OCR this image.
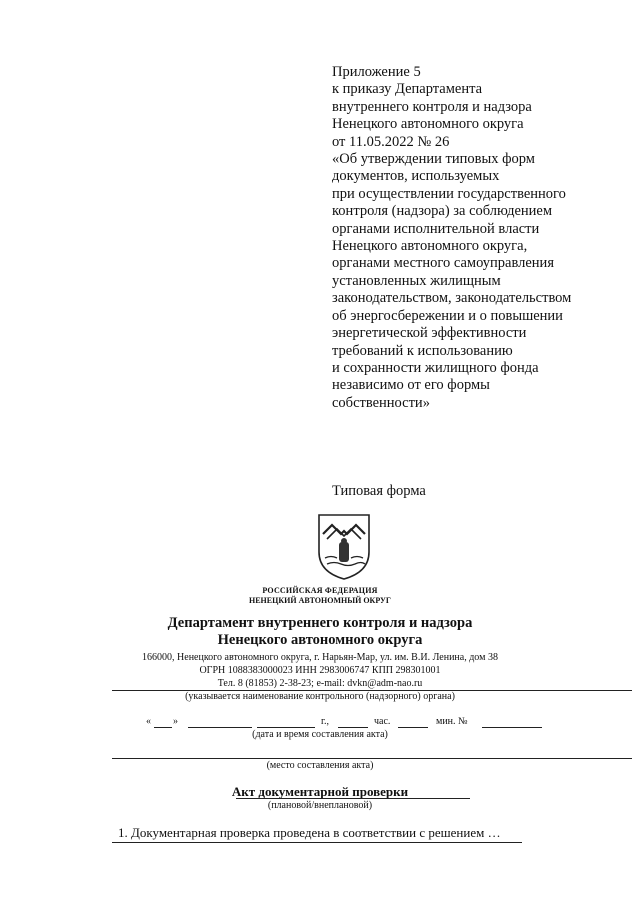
Приложение 5
к приказу Департамента
внутреннего контроля и надзора
Ненецкого автономного округа
от 11.05.2022 № 26
«Об утверждении типовых форм
документов, используемых
при осуществлении государственного
контроля (надзора) за соблюдением
органами исполнительной власти
Ненецкого автономного округа,
органами местного самоуправления
установленных жилищным
законодательством, законодательством
об энергосбережении и о повышении
энергетической эффективности
требований к использованию
и сохранности жилищного фонда
независимо от его формы
собственности»
Типовая форма
РОССИЙСКАЯ ФЕДЕРАЦИЯ
НЕНЕЦКИЙ АВТОНОМНЫЙ ОКРУГ
Департамент внутреннего контроля и надзора
Ненецкого автономного округа
166000, Ненецкого автономного округа, г. Нарьян-Мар, ул. им. В.И. Ленина, дом 38
ОГРН 1088383000023 ИНН 2983006747 КПП 298301001
Тел. 8 (81853) 2-38-23; e-mail: dvkn@adm-nao.ru
(указывается наименование контрольного (надзорного) органа)
« »	г.,	час.	мин. №
(дата и время составления акта)
(место составления акта)
Акт документарной проверки
(плановой/внеплановой)
1. Документарная проверка проведена в соответствии с решением …
